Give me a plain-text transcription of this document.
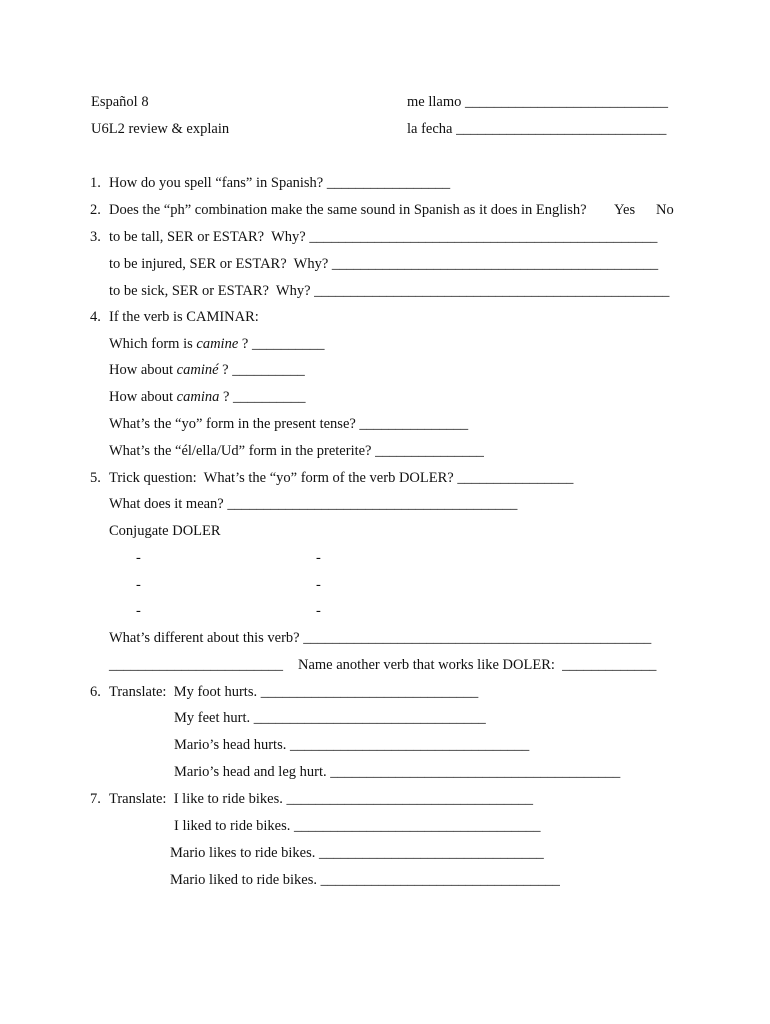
Español 8	me llamo ____________________________
U6L2 review & explain	la fecha _____________________________
1. How do you spell “fans” in Spanish? _________________
2. Does the “ph” combination make the same sound in Spanish as it does in English? Yes No
3. to be tall, SER or ESTAR?  Why? ________________________________________________
to be injured, SER or ESTAR?  Why? _____________________________________________
to be sick, SER or ESTAR?  Why? _________________________________________________
4. If the verb is CAMINAR:
Which form is camine ? __________
How about caminé ? __________
How about camina ? __________
What’s the “yo” form in the present tense? _______________
What’s the “él/ella/Ud” form in the preterite? _______________
5. Trick question:  What’s the “yo” form of the verb DOLER? ________________
What does it mean? ________________________________________
Conjugate DOLER
-	-
-	-
-	-
What’s different about this verb? ________________________________________________
________________________ Name another verb that works like DOLER:  _____________
6. Translate:  My foot hurts. ______________________________
My feet hurt. ________________________________
Mario’s head hurts. _________________________________
Mario’s head and leg hurt. ________________________________________
7. Translate:  I like to ride bikes. __________________________________
I liked to ride bikes. __________________________________
Mario likes to ride bikes. _______________________________
Mario liked to ride bikes. _________________________________
